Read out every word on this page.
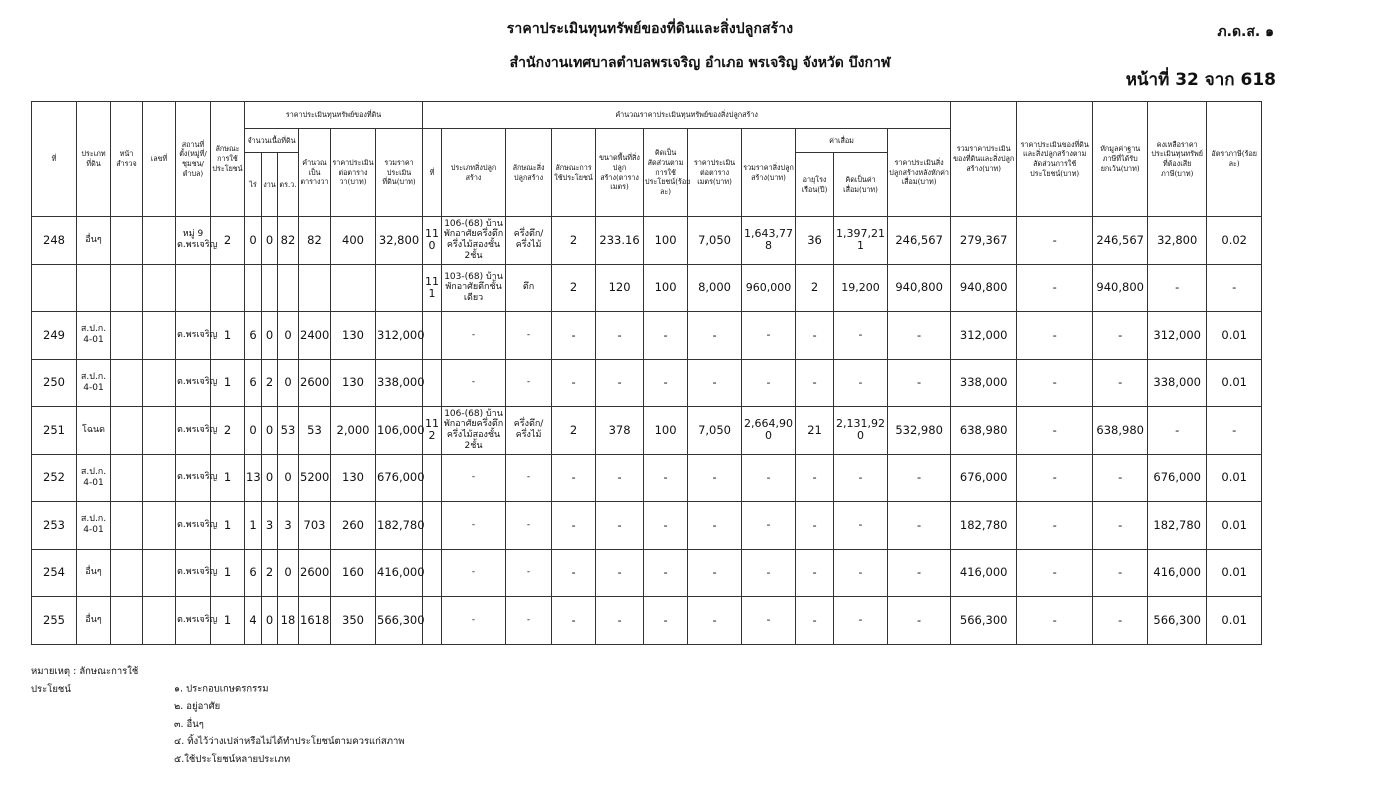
ราคาประเมินทุนทรัพย์ของที่ดินและสิ่งปลูกสร้าง
สำนักงานเทศบาลตำบลพรเจริญ อำเภอ พรเจริญ จังหวัด บึงกาฬ
ภ.ด.ส. ๑
หน้าที่ 32 จาก 618
ที่	ประเภทที่ดิน	หน้าสำรวจ	เลขที่	สถานที่ตั้ง(หมู่ที่/ชุมชน/ตำบล)	ลักษณะการใช้ประโยชน์	ราคาประเมินทุนทรัพย์ของที่ดิน						คำนวณราคาประเมินทุนทรัพย์ของสิ่งปลูกสร้าง											รวมราคาประเมินของที่ดินและสิ่งปลูกสร้าง(บาท)	ราคาประเมินของที่ดินและสิ่งปลูกสร้างตามสัดส่วนการใช้ประโยชน์(บาท)	หักมูลค่าฐานภาษีที่ได้รับยกเว้น(บาท)	คงเหลือราคาประเมินทุนทรัพย์ที่ต้องเสียภาษี(บาท)	อัตราภาษี(ร้อยละ)
						จำนวนเนื้อที่ดิน			คำนวณเป็นตารางวา	ราคาประเมินต่อตารางวา(บาท)	รวมราคาประเมินที่ดิน(บาท)	ที่	ประเภทสิ่งปลูกสร้าง	ลักษณะสิ่งปลูกสร้าง	ลักษณะการใช้ประโยชน์	ขนาดพื้นที่สิ่งปลูกสร้าง(ตารางเมตร)	คิดเป็นสัดส่วนตามการใช้ประโยชน์(ร้อยละ)	ราคาประเมินต่อตารางเมตร(บาท)	รวมราคาสิ่งปลูกสร้าง(บาท)	ค่าเสื่อม		ราคาประเมินสิ่งปลูกสร้างหลังหักค่าเสื่อม(บาท)					
						ไร่	งาน	ตร.ว.												อายุโรงเรือน(ปี)	คิดเป็นค่าเสื่อม(บาท)						
248	อื่นๆ			หมู่ 9 ต.พรเจริญ	2	0	0	82	82	400	32,800	110	106-(68) บ้านพักอาศัยครึ่งตึกครึ่งไม้สองชั้น 2ชั้น	ครึ่งตึก/ครึ่งไม้	2	233.16	100	7,050	1,643,778	36	1,397,211	246,567	279,367	-	246,567	32,800	0.02
												111	103-(68) บ้านพักอาศัยตึกชั้นเดียว	ตึก	2	120	100	8,000	960,000	2	19,200	940,800	940,800	-	940,800	-	-
249	ส.ป.ก. 4-01			ต.พรเจริญ	1	6	0	0	2400	130	312,000		-	-	-	-	-	-	-	-	-	-	312,000	-	-	312,000	0.01
250	ส.ป.ก. 4-01			ต.พรเจริญ	1	6	2	0	2600	130	338,000		-	-	-	-	-	-	-	-	-	-	338,000	-	-	338,000	0.01
251	โฉนด			ต.พรเจริญ	2	0	0	53	53	2,000	106,000	112	106-(68) บ้านพักอาศัยครึ่งตึกครึ่งไม้สองชั้น 2ชั้น	ครึ่งตึก/ครึ่งไม้	2	378	100	7,050	2,664,900	21	2,131,920	532,980	638,980	-	638,980	-	-
252	ส.ป.ก. 4-01			ต.พรเจริญ	1	13	0	0	5200	130	676,000		-	-	-	-	-	-	-	-	-	-	676,000	-	-	676,000	0.01
253	ส.ป.ก. 4-01			ต.พรเจริญ	1	1	3	3	703	260	182,780		-	-	-	-	-	-	-	-	-	-	182,780	-	-	182,780	0.01
254	อื่นๆ			ต.พรเจริญ	1	6	2	0	2600	160	416,000		-	-	-	-	-	-	-	-	-	-	416,000	-	-	416,000	0.01
255	อื่นๆ			ต.พรเจริญ	1	4	0	18	1618	350	566,300		-	-	-	-	-	-	-	-	-	-	566,300	-	-	566,300	0.01
หมายเหตุ : ลักษณะการใช้ประโยชน์	๑. ประกอบเกษตรกรรม
๒. อยู่อาศัย
๓. อื่นๆ
๔. ทิ้งไว้ว่างเปล่าหรือไม่ได้ทำประโยชน์ตามควรแก่สภาพ
๕.ใช้ประโยชน์หลายประเภท
